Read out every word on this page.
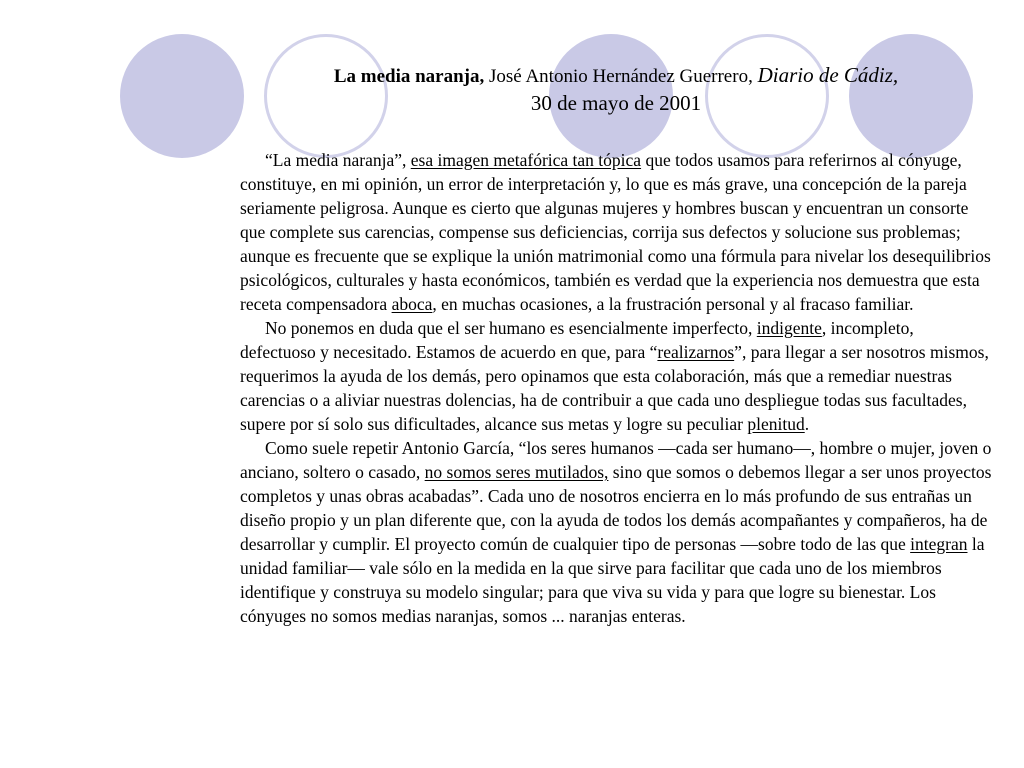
La media naranja, José Antonio Hernández Guerrero, Diario de Cádiz,
30 de mayo de 2001

“La media naranja”, esa imagen metafórica tan tópica que todos usamos para referirnos al cónyuge, constituye, en mi opinión, un error de interpretación y, lo que es más grave, una concepción de la pareja seriamente peligrosa. Aunque es cierto que algunas mujeres y hombres buscan y encuentran un consorte que complete sus carencias, compense sus deficiencias, corrija sus defectos y solucione sus problemas; aunque es frecuente que se explique la unión matrimonial como una fórmula para nivelar los desequilibrios psicológicos, culturales y hasta económicos, también es verdad que la experiencia nos demuestra que esta receta compensadora aboca, en muchas ocasiones, a la frustración personal y al fracaso familiar.

No ponemos en duda que el ser humano es esencialmente imperfecto, indigente, incompleto, defectuoso y necesitado. Estamos de acuerdo en que, para “realizarnos”, para llegar a ser nosotros mismos, requerimos la ayuda de los demás, pero opinamos que esta colaboración, más que a remediar nuestras carencias o a aliviar nuestras dolencias, ha de contribuir a que cada uno despliegue todas sus facultades, supere por sí solo sus dificultades, alcance sus metas y logre su peculiar plenitud.

Como suele repetir Antonio García, “los seres humanos —cada ser humano—, hombre o mujer, joven o anciano, soltero o casado, no somos seres mutilados, sino que somos o debemos llegar a ser unos proyectos completos y unas obras acabadas”. Cada uno de nosotros encierra en lo más profundo de sus entrañas un diseño propio y un plan diferente que, con la ayuda de todos los demás acompañantes y compañeros, ha de desarrollar y cumplir. El proyecto común de cualquier tipo de personas —sobre todo de las que integran la unidad familiar— vale sólo en la medida en la que sirve para facilitar que cada uno de los miembros identifique y construya su modelo singular; para que viva su vida y para que logre su bienestar. Los cónyuges no somos medias naranjas, somos ... naranjas enteras.
